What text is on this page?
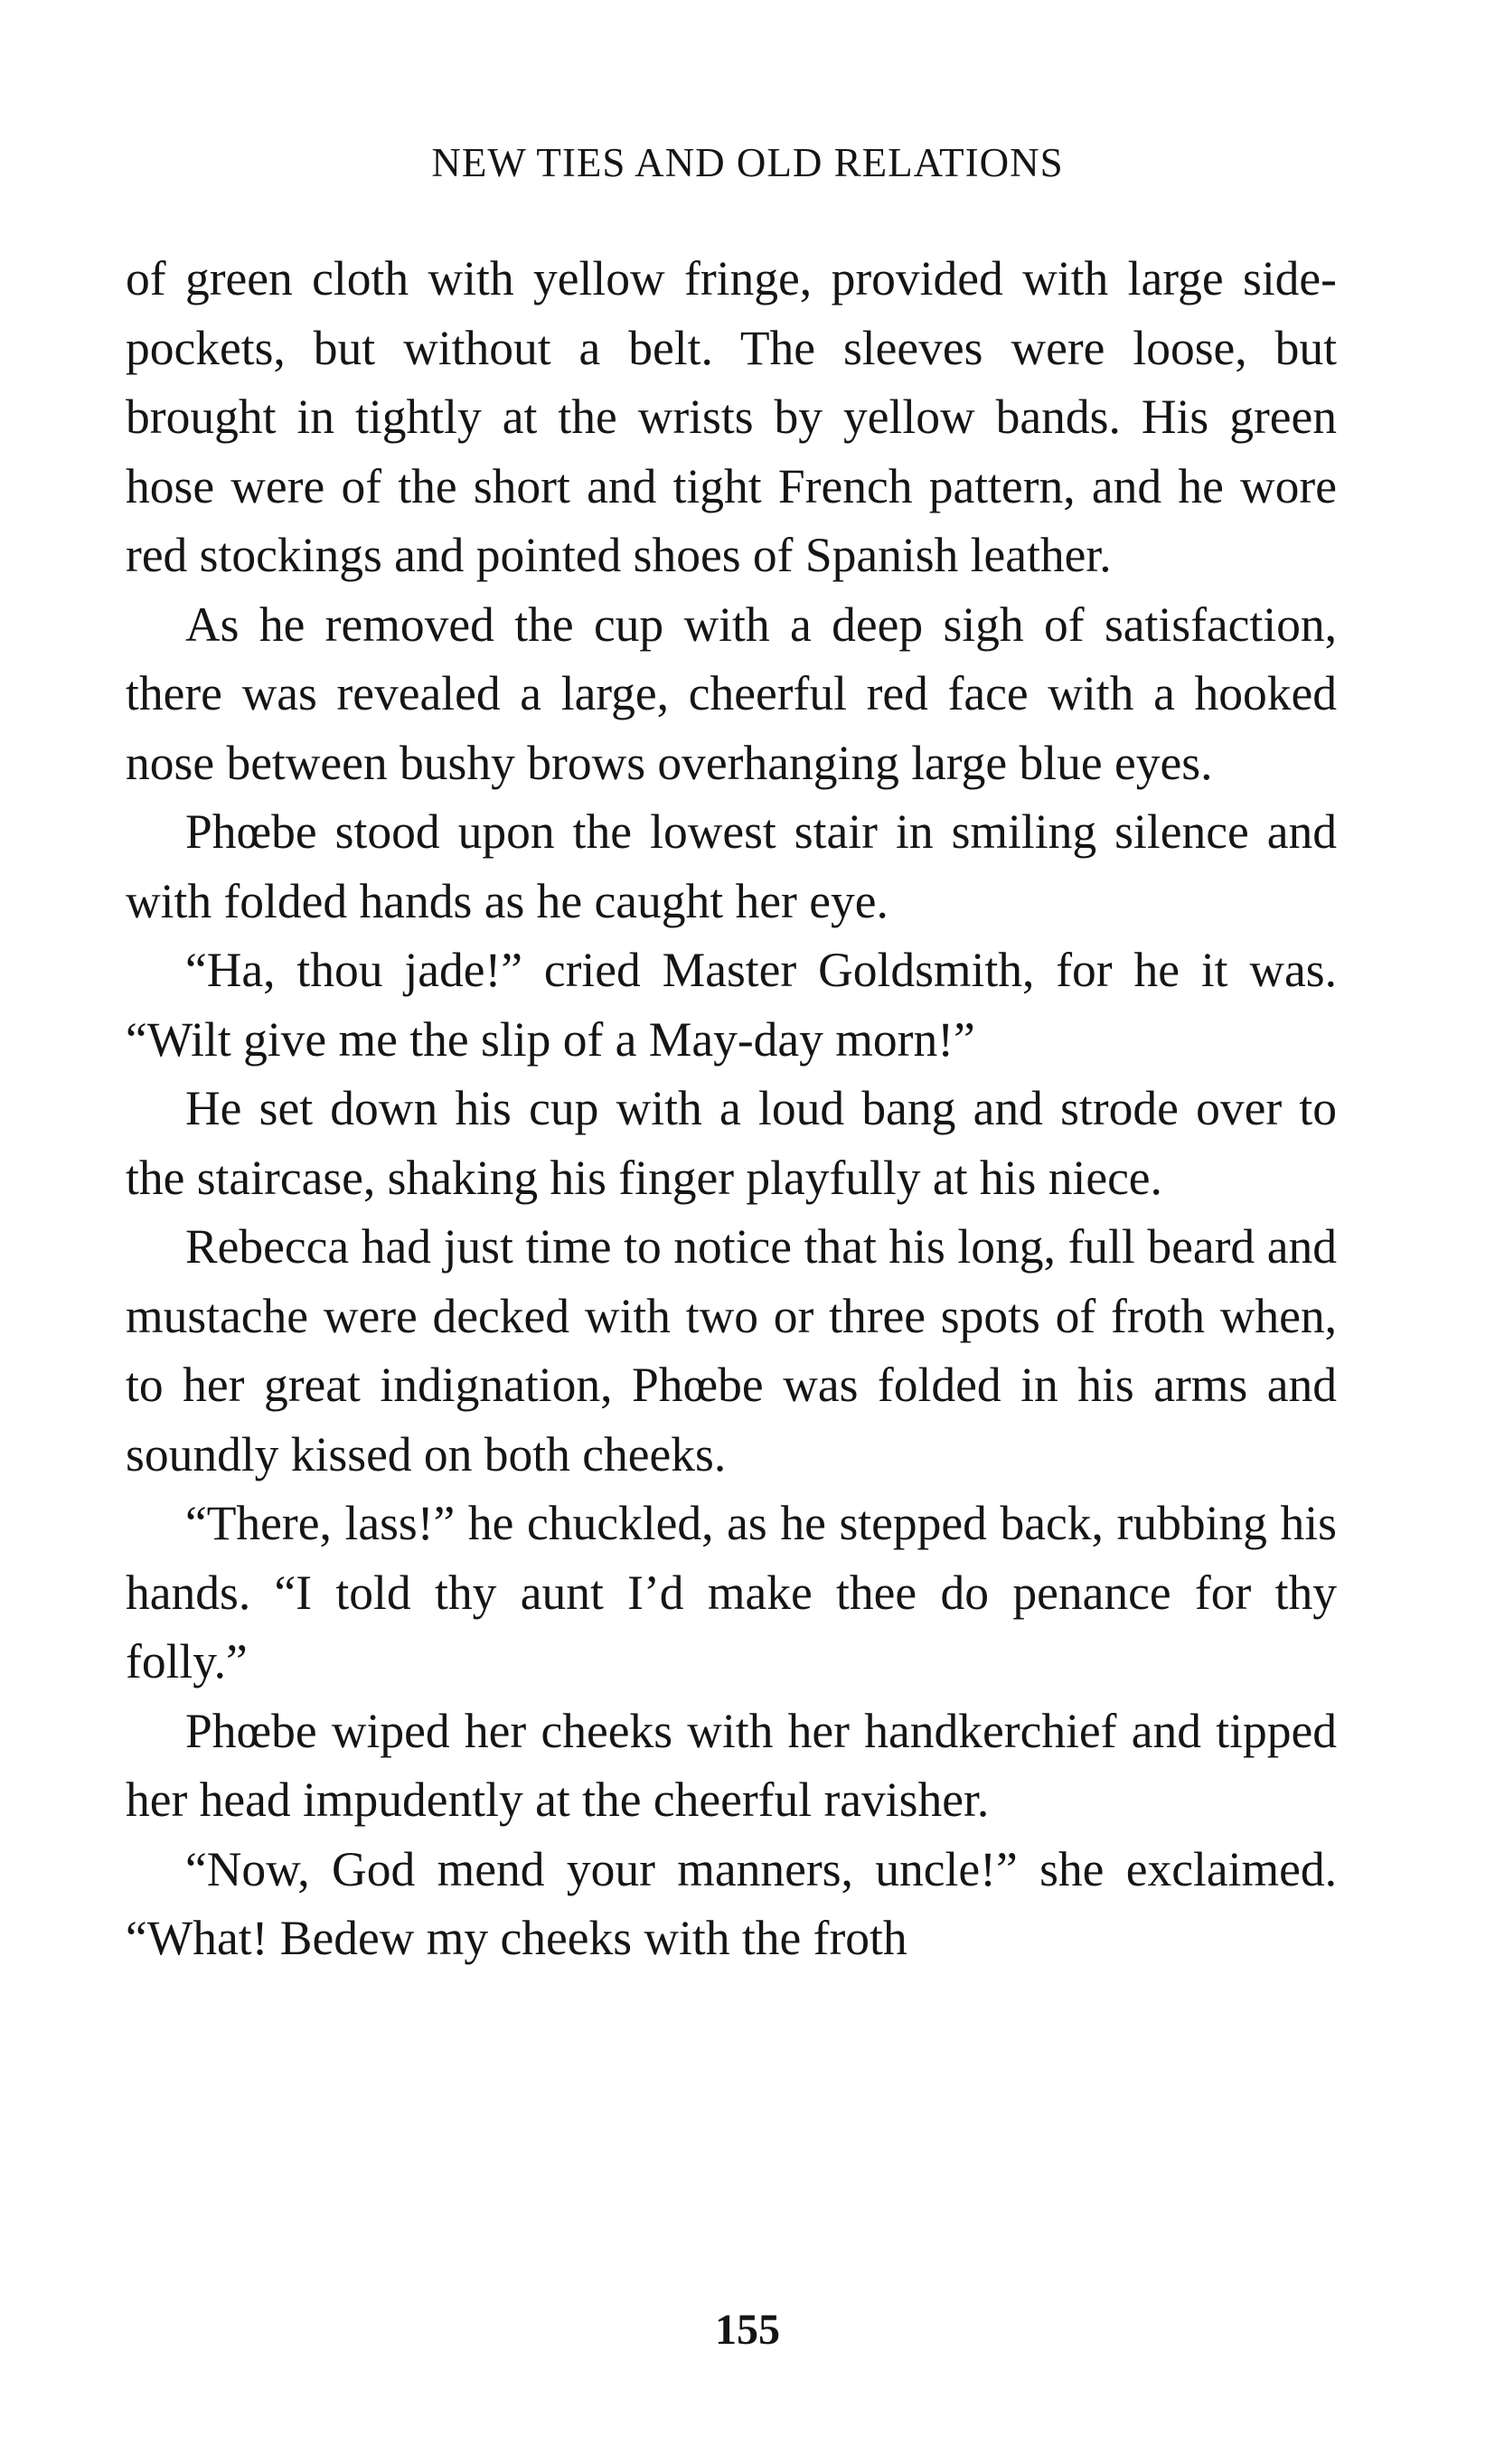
NEW TIES AND OLD RELATIONS

of green cloth with yellow fringe, provided with large side-pockets, but without a belt. The sleeves were loose, but brought in tightly at the wrists by yellow bands. His green hose were of the short and tight French pattern, and he wore red stockings and pointed shoes of Spanish leather.

As he removed the cup with a deep sigh of satisfaction, there was revealed a large, cheerful red face with a hooked nose between bushy brows overhanging large blue eyes.

Phœbe stood upon the lowest stair in smiling silence and with folded hands as he caught her eye.

“Ha, thou jade!” cried Master Goldsmith, for he it was. “Wilt give me the slip of a May-day morn!”

He set down his cup with a loud bang and strode over to the staircase, shaking his finger playfully at his niece.

Rebecca had just time to notice that his long, full beard and mustache were decked with two or three spots of froth when, to her great indignation, Phœbe was folded in his arms and soundly kissed on both cheeks.

“There, lass!” he chuckled, as he stepped back, rubbing his hands. “I told thy aunt I’d make thee do penance for thy folly.”

Phœbe wiped her cheeks with her handkerchief and tipped her head impudently at the cheerful ravisher.

“Now, God mend your manners, uncle!” she exclaimed. “What! Bedew my cheeks with the froth

155
